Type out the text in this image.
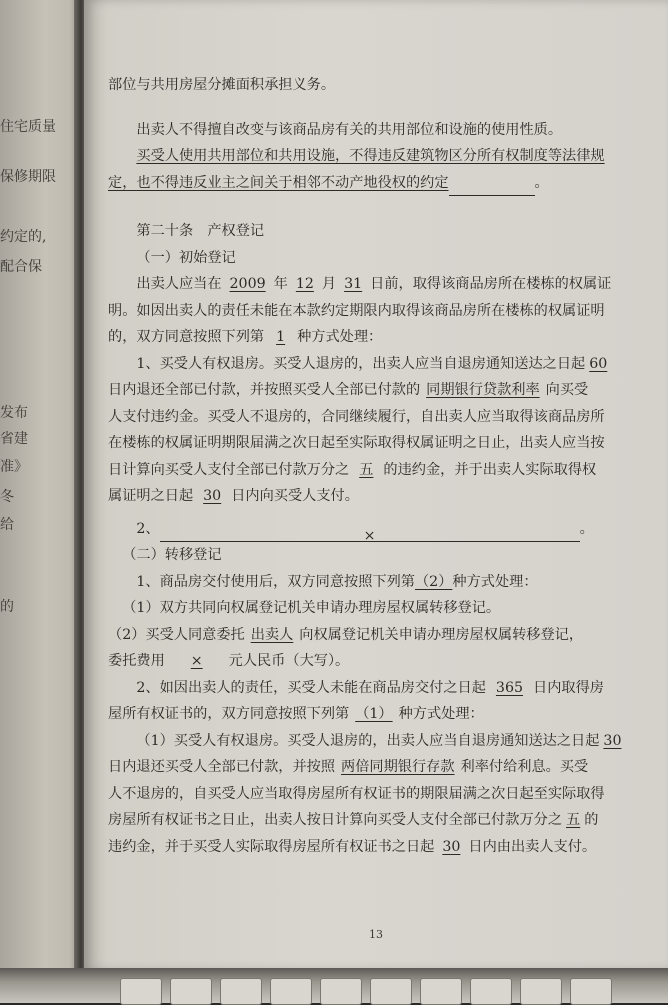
住宅质量
保修期限
约定的,
配合保
发布
省建
准》
冬
给
的

部位与共用房屋分摊面积承担义务。

出卖人不得擅自改变与该商品房有关的共用部位和设施的使用性质。

买受人使用共用部位和共用设施，不得违反建筑物区分所有权制度等法律规

定，也不得违反业主之间关于相邻不动产地役权的约定	。

第二十条　产权登记

（一）初始登记

出卖人应当在 2009 年 12 月 31 日前，取得该商品房所在楼栋的权属证

明。如因出卖人的责任未能在本款约定期限内取得该商品房所在楼栋的权属证明

的，双方同意按照下列第 1 种方式处理：

1、买受人有权退房。买受人退房的，出卖人应当自退房通知送达之日起 60

日内退还全部已付款，并按照买受人全部已付款的 同期银行贷款利率 向买受

人支付违约金。买受人不退房的，合同继续履行，自出卖人应当取得该商品房所

在楼栋的权属证明期限届满之次日起至实际取得权属证明之日止，出卖人应当按

日计算向买受人支付全部已付款万分之 五 的违约金，并于出卖人实际取得权

属证明之日起 30 日内向买受人支付。

2、	×	。

（二）转移登记

1、商品房交付使用后，双方同意按照下列第（2）种方式处理：

（1）双方共同向权属登记机关申请办理房屋权属转移登记。

（2）买受人同意委托 出卖人 向权属登记机关申请办理房屋权属转移登记，

委托费用 × 元人民币（大写）。

2、如因出卖人的责任，买受人未能在商品房交付之日起 365 日内取得房

屋所有权证书的，双方同意按照下列第 （1） 种方式处理：

（1）买受人有权退房。买受人退房的，出卖人应当自退房通知送达之日起 30

日内退还买受人全部已付款，并按照 两倍同期银行存款 利率付给利息。买受

人不退房的，自买受人应当取得房屋所有权证书的期限届满之次日起至实际取得

房屋所有权证书之日止，出卖人按日计算向买受人支付全部已付款万分之 五 的

违约金，并于买受人实际取得房屋所有权证书之日起 30 日内由出卖人支付。

13
